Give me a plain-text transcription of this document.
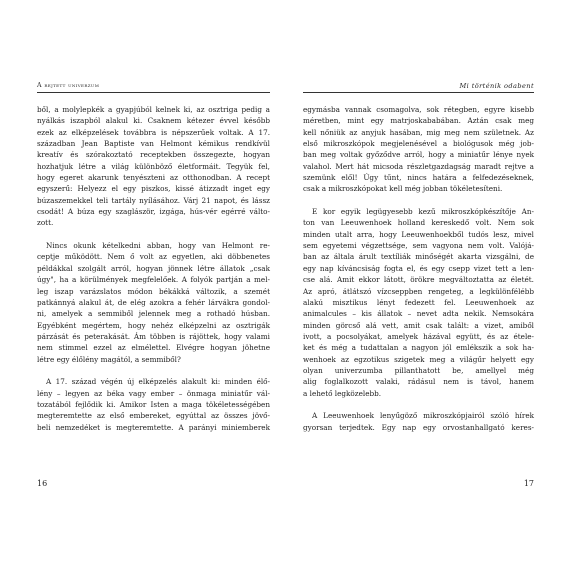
A rejtett univerzum
ből, a molylepkék a gyapjúból kelnek ki, az osztriga pedig a
nyálkás iszapból alakul ki. Csaknem kétezer évvel később
ezek az elképzelések továbbra is népszerűek voltak. A 17.
században Jean Baptiste van Helmont kémikus rendkívül
kreatív és szórakoztató receptekben összegezte, hogyan
hozhatjuk létre a világ különböző életformáit. Tegyük fel,
hogy egeret akarunk tenyészteni az otthonodban. A recept
egyszerű: Helyezz el egy piszkos, kissé átizzadt inget egy
búzaszemekkel teli tartály nyílásához. Várj 21 napot, és lássz
csodát! A búza egy szagláször, izgága, hús-vér egérré válto-
zott.
Nincs okunk kételkedni abban, hogy van Helmont re-
ceptje működött. Nem ő volt az egyetlen, aki döbbenetes
példákkal szolgált arról, hogyan jönnek létre állatok „csak
úgy", ha a körülmények megfelelőek. A folyók partján a mel-
leg iszap varázslatos módon békákká változik, a szemét
patkánnyá alakul át, de elég azokra a fehér lárvákra gondol-
ni, amelyek a semmiből jelennek meg a rothadó húsban.
Egyébként megértem, hogy nehéz elképzelni az osztrigák
párzását és peterakását. Ám többen is rájöttek, hogy valami
nem stimmel ezzel az elmélettel. Elvégre hogyan jöhetne
létre egy élőlény magától, a semmiből?
A 17. század végén új elképzelés alakult ki: minden élő-
lény – legyen az béka vagy ember – önmaga miniatűr vál-
tozatából fejlődik ki. Amikor Isten a maga tökéletességében
megteremtette az első embereket, egyúttal az összes jövő-
beli nemzedéket is megteremtette. A parányi miniemberek
16
Mi történik odabent
egymásba vannak csomagolva, sok rétegben, egyre kisebb
méretben, mint egy matrjoskababában. Aztán csak meg
kell nőniük az anyjuk hasában, mig meg nem születnek. Az
első mikroszkópok megjelenésével a biológusok még job-
ban meg voltak győződve arról, hogy a miniatűr lénye nyek
valahol. Mert hát micsoda részletgazdagság maradt rejtve a
szemünk elől! Úgy tűnt, nincs határa a felfedezéseknek,
csak a mikroszkópokat kell még jobban tökéletesíteni.
E kor egyik legügyesebb kezű mikroszkópkészítője An-
ton van Leeuwenhoek holland kereskedő volt. Nem sok
minden utalt arra, hogy Leeuwenhoekből tudós lesz, mivel
sem egyetemi végzettsége, sem vagyona nem volt. Valójá-
ban az általa árult textíliák minőségét akarta vizsgálni, de
egy nap kíváncsiság fogta el, és egy csepp vizet tett a len-
cse alá. Amit ekkor látott, örökre megváltoztatta az életét.
Az apró, átlátszó vízcseppben rengeteg, a legkülönfélébb
alakú misztikus lényt fedezett fel. Leeuwenhoek az
animalcules – kis állatok – nevet adta nekik. Nemsokára
minden görcső alá vett, amit csak talált: a vizet, amiből
ivott, a pocsolyákat, amelyek házával együtt, és az étele-
ket és még a tudattalan a nagyon jól emlékszik a sok ha-
wenhoek az egzotikus szigetek meg a világűr helyett egy
olyan univerzumba pillanthatott be, amellyel még
alig foglalkozott valaki, rádásul nem is távol, hanem
a lehető legközelebb.
A Leeuwenhoek lenyűgöző mikroszkópjairól szóló hírek
gyorsan terjedtek. Egy nap egy orvostanhallgató keres-
17
